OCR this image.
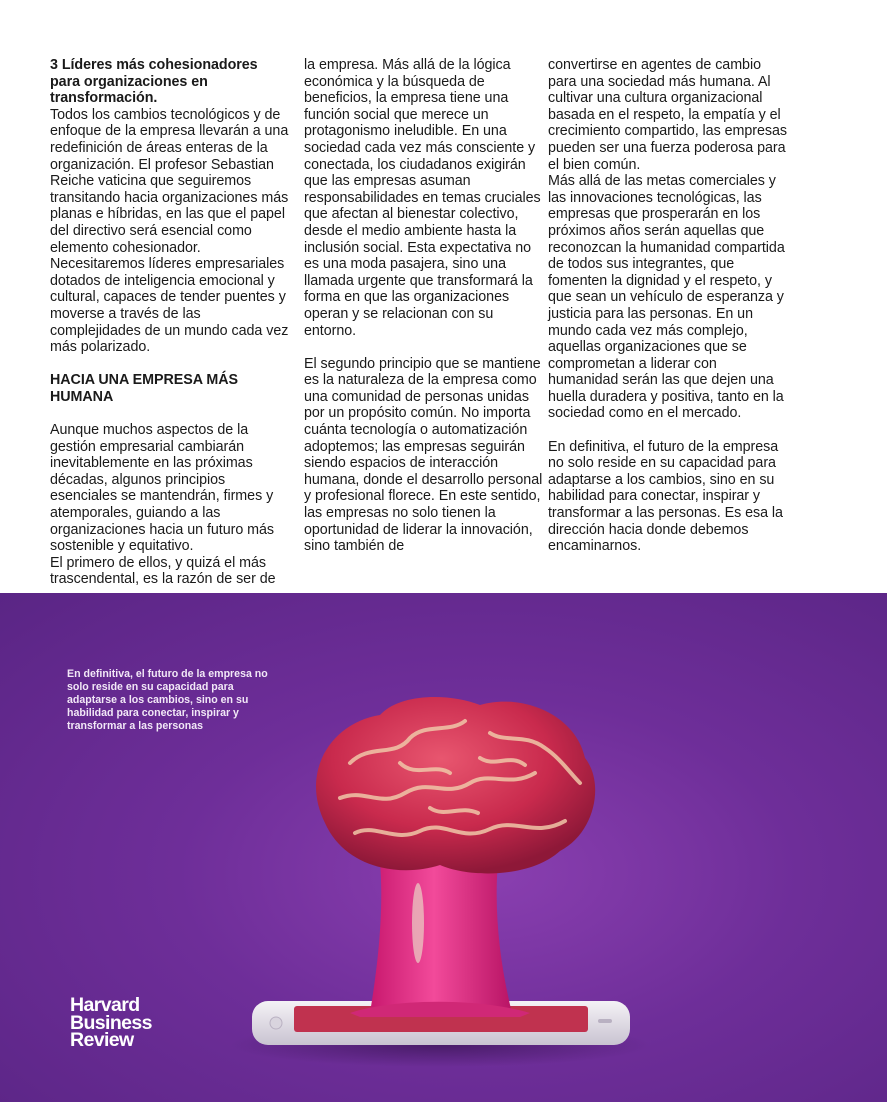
3 Líderes más cohesionadores para organizaciones en transformación.

Todos los cambios tecnológicos y de enfoque de la empresa llevarán a una redefinición de áreas enteras de la organización. El profesor Sebastian Reiche vaticina que seguiremos transitando hacia organizaciones más planas e híbridas, en las que el papel del directivo será esencial como elemento cohesionador. Necesitaremos líderes empresariales dotados de inteligencia emocional y cultural, capaces de tender puentes y moverse a través de las complejidades de un mundo cada vez más polarizado.

HACIA UNA EMPRESA MÁS HUMANA

Aunque muchos aspectos de la gestión empresarial cambiarán inevitablemente en las próximas décadas, algunos principios esenciales se mantendrán, firmes y atemporales, guiando a las organizaciones hacia un futuro más sostenible y equitativo.

El primero de ellos, y quizá el más trascendental, es la razón de ser de

la empresa. Más allá de la lógica económica y la búsqueda de beneficios, la empresa tiene una función social que merece un protagonismo ineludible. En una sociedad cada vez más consciente y conectada, los ciudadanos exigirán que las empresas asuman responsabilidades en temas cruciales que afectan al bienestar colectivo, desde el medio ambiente hasta la inclusión social. Esta expectativa no es una moda pasajera, sino una llamada urgente que transformará la forma en que las organizaciones operan y se relacionan con su entorno.

El segundo principio que se mantiene es la naturaleza de la empresa como una comunidad de personas unidas por un propósito común. No importa cuánta tecnología o automatización adoptemos; las empresas seguirán siendo espacios de interacción humana, donde el desarrollo personal y profesional florece. En este sentido, las empresas no solo tienen la oportunidad de liderar la innovación, sino también de

convertirse en agentes de cambio para una sociedad más humana. Al cultivar una cultura organizacional basada en el respeto, la empatía y el crecimiento compartido, las empresas pueden ser una fuerza poderosa para el bien común.

Más allá de las metas comerciales y las innovaciones tecnológicas, las empresas que prosperarán en los próximos años serán aquellas que reconozcan la humanidad compartida de todos sus integrantes, que fomenten la dignidad y el respeto, y que sean un vehículo de esperanza y justicia para las personas. En un mundo cada vez más complejo, aquellas organizaciones que se comprometan a liderar con humanidad serán las que dejen una huella duradera y positiva, tanto en la sociedad como en el mercado.

En definitiva, el futuro de la empresa no solo reside en su capacidad para adaptarse a los cambios, sino en su habilidad para conectar, inspirar y transformar a las personas. Es esa la dirección hacia donde debemos encaminarnos.

En definitiva, el futuro de la empresa no solo reside en su capacidad para adaptarse a los cambios, sino en su habilidad para conectar, inspirar y transformar a las personas
Harvard
Business
Review
